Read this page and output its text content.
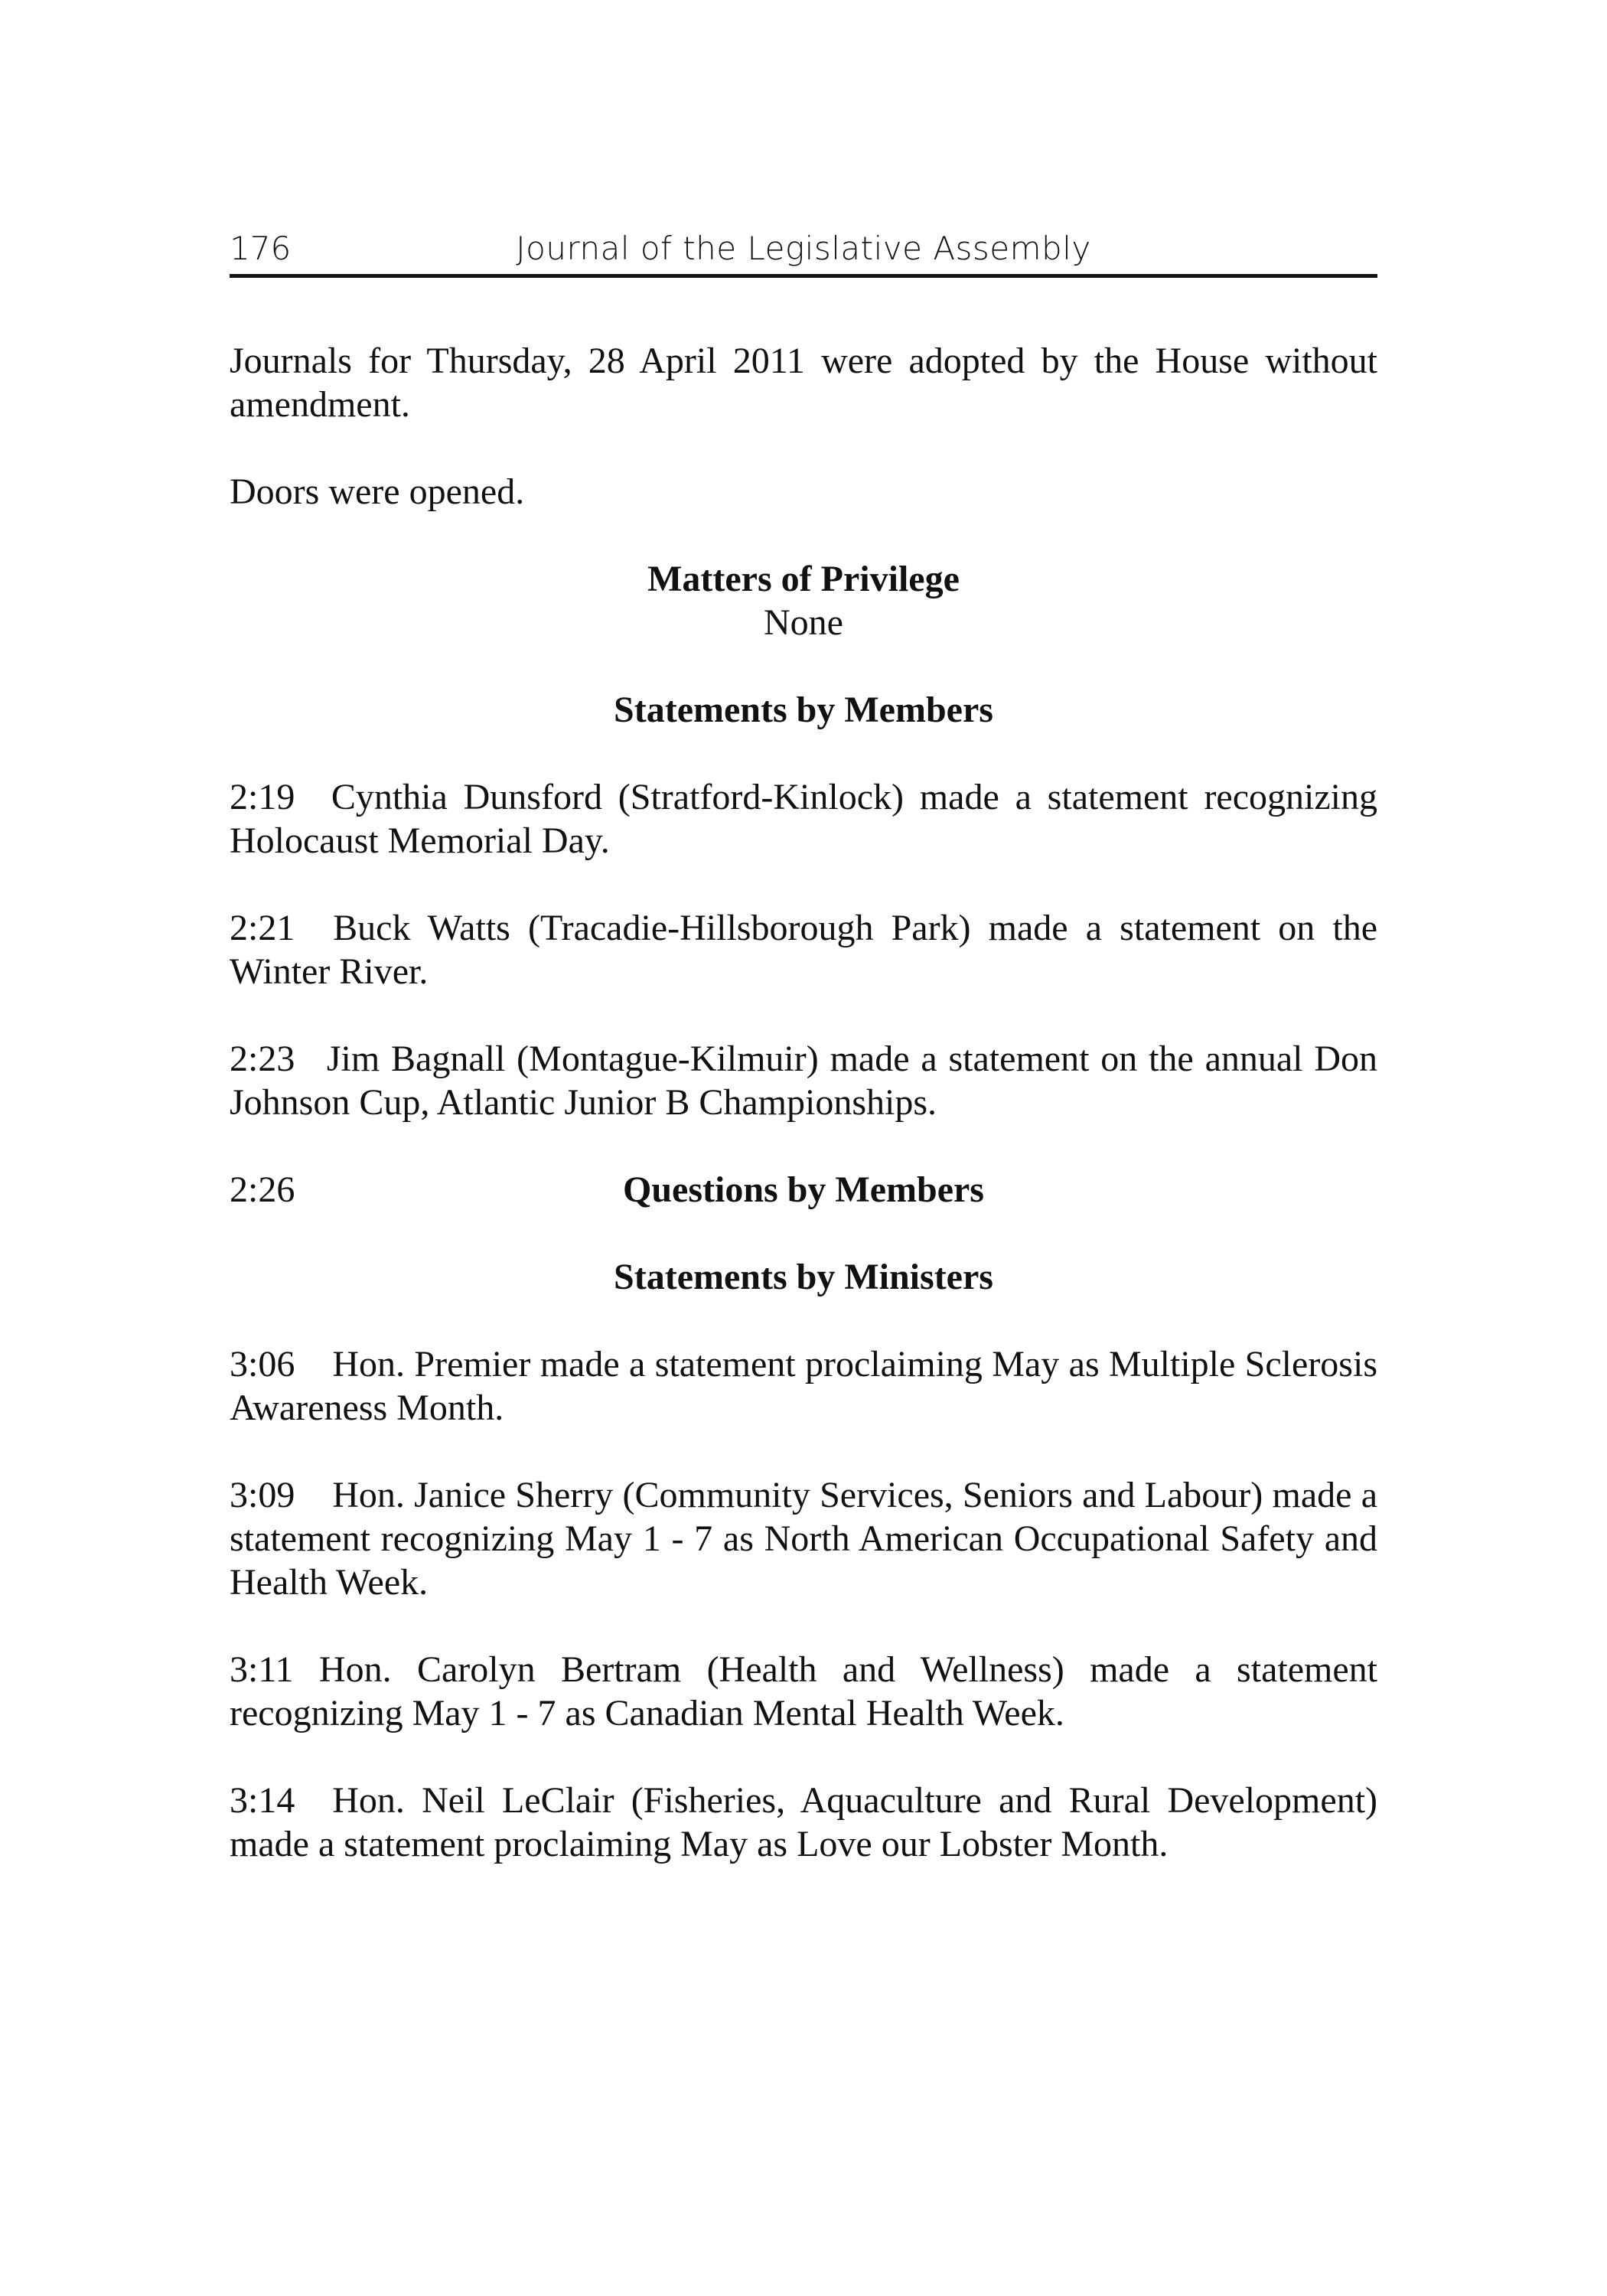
176	Journal of the Legislative Assembly

Journals for Thursday, 28 April 2011 were adopted by the House without amendment.

Doors were opened.

Matters of Privilege

None

Statements by Members

2:19 Cynthia Dunsford (Stratford-Kinlock) made a statement recognizing Holocaust Memorial Day.

2:21 Buck Watts (Tracadie-Hillsborough Park) made a statement on the Winter River.

2:23 Jim Bagnall (Montague-Kilmuir) made a statement on the annual Don Johnson Cup, Atlantic Junior B Championships.

2:26	Questions by Members

Statements by Ministers

3:06 Hon. Premier made a statement proclaiming May as Multiple Sclerosis Awareness Month.

3:09 Hon. Janice Sherry (Community Services, Seniors and Labour) made a statement recognizing May 1 - 7 as North American Occupational Safety and Health Week.

3:11 Hon. Carolyn Bertram (Health and Wellness) made a statement recognizing May 1 - 7 as Canadian Mental Health Week.

3:14 Hon. Neil LeClair (Fisheries, Aquaculture and Rural Development) made a statement proclaiming May as Love our Lobster Month.
